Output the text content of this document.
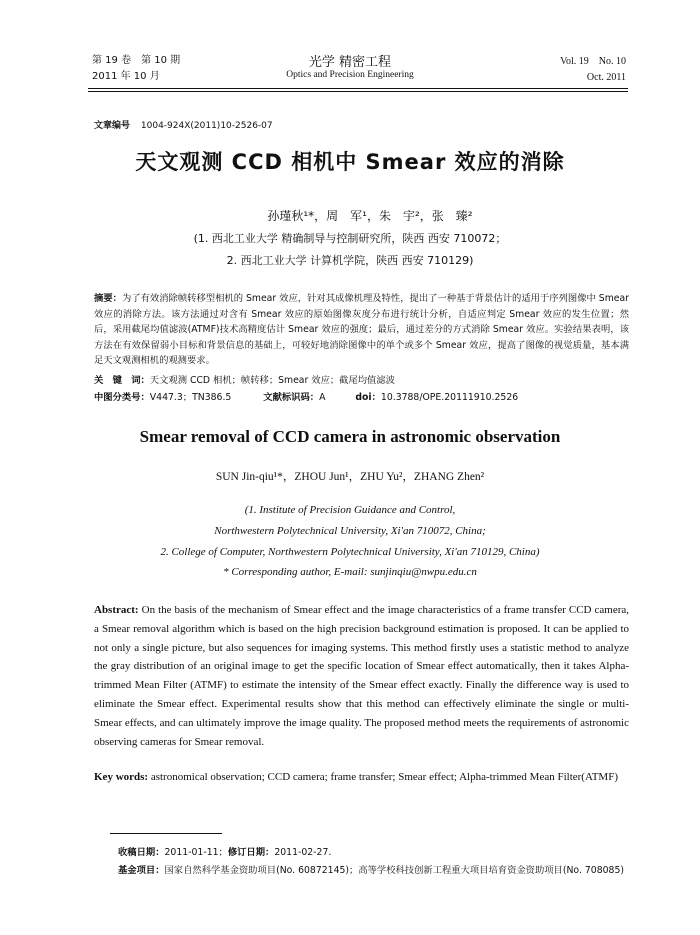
第 19 卷　第 10 期
2011 年 10 月
光学 精密工程
Optics and Precision Engineering
Vol. 19　No. 10
Oct. 2011
文章编号 1004-924X(2011)10-2526-07
天文观测 CCD 相机中 Smear 效应的消除
孙瑾秋¹*，周　军¹，朱　宇²，张　臻²
(1. 西北工业大学 精确制导与控制研究所，陕西 西安 710072；
2. 西北工业大学 计算机学院，陕西 西安 710129)
摘要：为了有效消除帧转移型相机的 Smear 效应，针对其成像机理及特性，提出了一种基于背景估计的适用于序列图像中 Smear 效应的消除方法。该方法通过对含有 Smear 效应的原始图像灰度分布进行统计分析，自适应判定 Smear 效应的发生位置；然后，采用截尾均值滤波(ATMF)技术高精度估计 Smear 效应的强度；最后，通过差分的方式消除 Smear 效应。实验结果表明，该方法在有效保留弱小目标和背景信息的基础上，可较好地消除图像中的单个或多个 Smear 效应，提高了图像的视觉质量，基本满足天文观测相机的观测要求。
关　键　词：天文观测 CCD 相机；帧转移；Smear 效应；截尾均值滤波
中图分类号：V447.3；TN386.5	文献标识码：A	doi：10.3788/OPE.20111910.2526
Smear removal of CCD camera in astronomic observation
SUN Jin-qiu¹*，ZHOU Jun¹，ZHU Yu²，ZHANG Zhen²
(1. Institute of Precision Guidance and Control,
Northwestern Polytechnical University, Xi'an 710072, China;
2. College of Computer, Northwestern Polytechnical University, Xi'an 710129, China)
* Corresponding author, E-mail: sunjinqiu@nwpu.edu.cn
Abstract: On the basis of the mechanism of Smear effect and the image characteristics of a frame transfer CCD camera, a Smear removal algorithm which is based on the high precision background estimation is proposed. It can be applied to not only a single picture, but also sequences for imaging systems. This method firstly uses a statistic method to analyze the gray distribution of an original image to get the specific location of Smear effect automatically, then it takes Alpha-trimmed Mean Filter (ATMF) to estimate the intensity of the Smear effect exactly. Finally the difference way is used to eliminate the Smear effect. Experimental results show that this method can effectively eliminate the single or multi-Smear effects, and can ultimately improve the image quality. The proposed method meets the requirements of astronomic observing cameras for Smear removal.
Key words: astronomical observation; CCD camera; frame transfer; Smear effect; Alpha-trimmed Mean Filter(ATMF)
收稿日期：2011-01-11；修订日期：2011-02-27.
基金项目：国家自然科学基金资助项目(No. 60872145)；高等学校科技创新工程重大项目培育资金资助项目(No. 708085)
